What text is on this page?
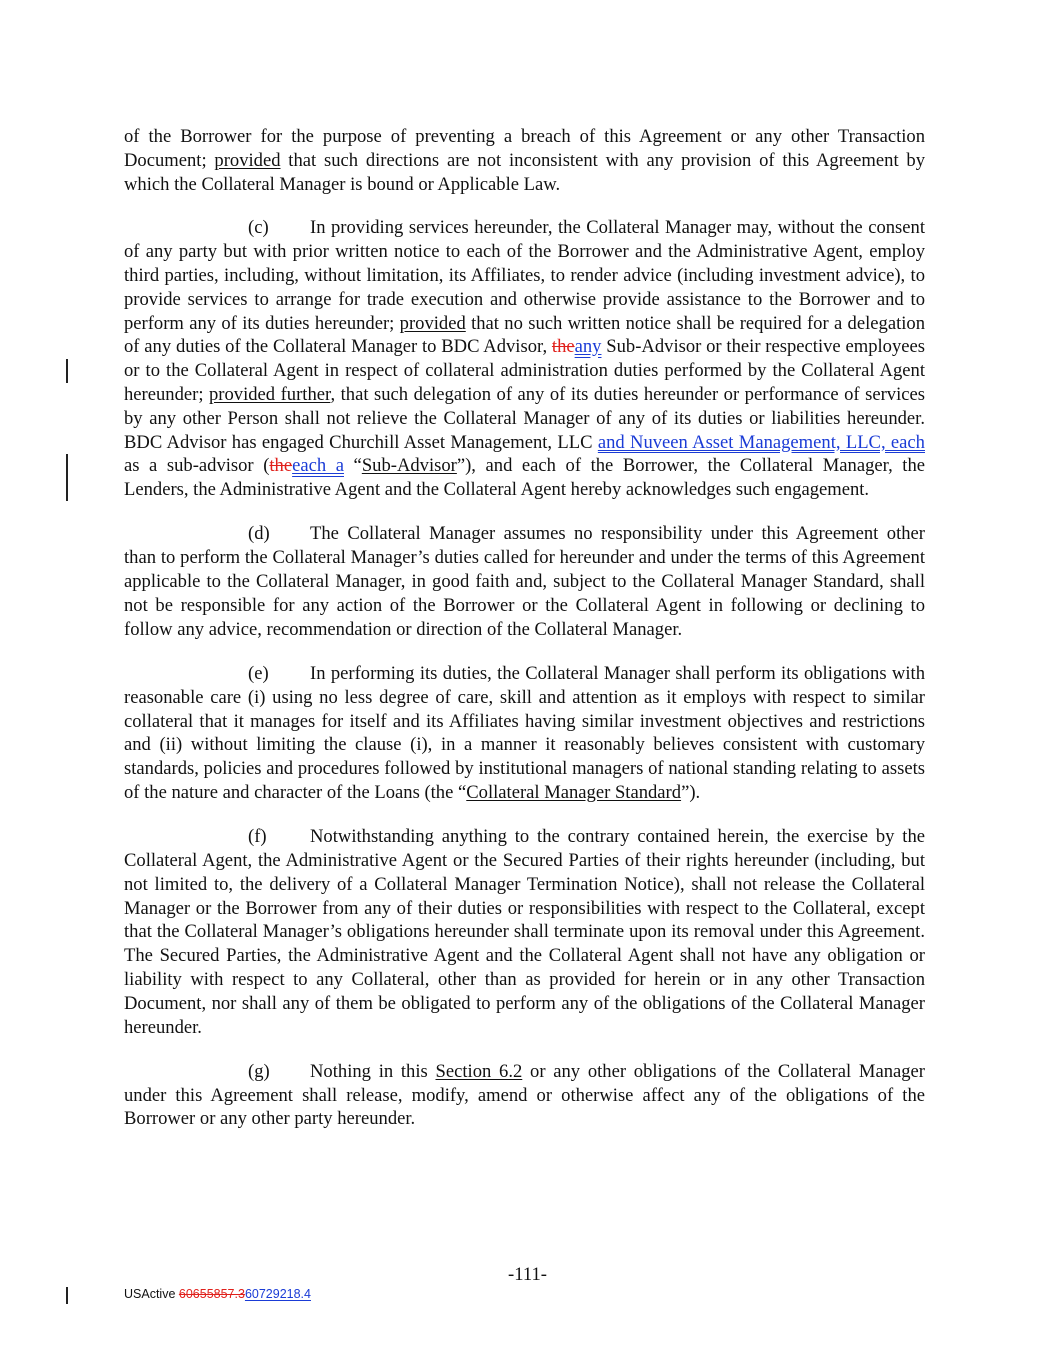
of the Borrower for the purpose of preventing a breach of this Agreement or any other Transaction Document; provided that such directions are not inconsistent with any provision of this Agreement by which the Collateral Manager is bound or Applicable Law.

(c) In providing services hereunder, the Collateral Manager may, without the consent of any party but with prior written notice to each of the Borrower and the Administrative Agent, employ third parties, including, without limitation, its Affiliates, to render advice (including investment advice), to provide services to arrange for trade execution and otherwise provide assistance to the Borrower and to perform any of its duties hereunder; provided that no such written notice shall be required for a delegation of any duties of the Collateral Manager to BDC Advisor, theany Sub-Advisor or their respective employees or to the Collateral Agent in respect of collateral administration duties performed by the Collateral Agent hereunder; provided further, that such delegation of any of its duties hereunder or performance of services by any other Person shall not relieve the Collateral Manager of any of its duties or liabilities hereunder. BDC Advisor has engaged Churchill Asset Management, LLC and Nuveen Asset Management, LLC, each as a sub-advisor (theeach a “Sub-Advisor”), and each of the Borrower, the Collateral Manager, the Lenders, the Administrative Agent and the Collateral Agent hereby acknowledges such engagement.

(d) The Collateral Manager assumes no responsibility under this Agreement other than to perform the Collateral Manager’s duties called for hereunder and under the terms of this Agreement applicable to the Collateral Manager, in good faith and, subject to the Collateral Manager Standard, shall not be responsible for any action of the Borrower or the Collateral Agent in following or declining to follow any advice, recommendation or direction of the Collateral Manager.

(e) In performing its duties, the Collateral Manager shall perform its obligations with reasonable care (i) using no less degree of care, skill and attention as it employs with respect to similar collateral that it manages for itself and its Affiliates having similar investment objectives and restrictions and (ii) without limiting the clause (i), in a manner it reasonably believes consistent with customary standards, policies and procedures followed by institutional managers of national standing relating to assets of the nature and character of the Loans (the “Collateral Manager Standard”).

(f) Notwithstanding anything to the contrary contained herein, the exercise by the Collateral Agent, the Administrative Agent or the Secured Parties of their rights hereunder (including, but not limited to, the delivery of a Collateral Manager Termination Notice), shall not release the Collateral Manager or the Borrower from any of their duties or responsibilities with respect to the Collateral, except that the Collateral Manager’s obligations hereunder shall terminate upon its removal under this Agreement. The Secured Parties, the Administrative Agent and the Collateral Agent shall not have any obligation or liability with respect to any Collateral, other than as provided for herein or in any other Transaction Document, nor shall any of them be obligated to perform any of the obligations of the Collateral Manager hereunder.

(g) Nothing in this Section 6.2 or any other obligations of the Collateral Manager under this Agreement shall release, modify, amend or otherwise affect any of the obligations of the Borrower or any other party hereunder.

-111-
USActive 60655857.360729218.4
